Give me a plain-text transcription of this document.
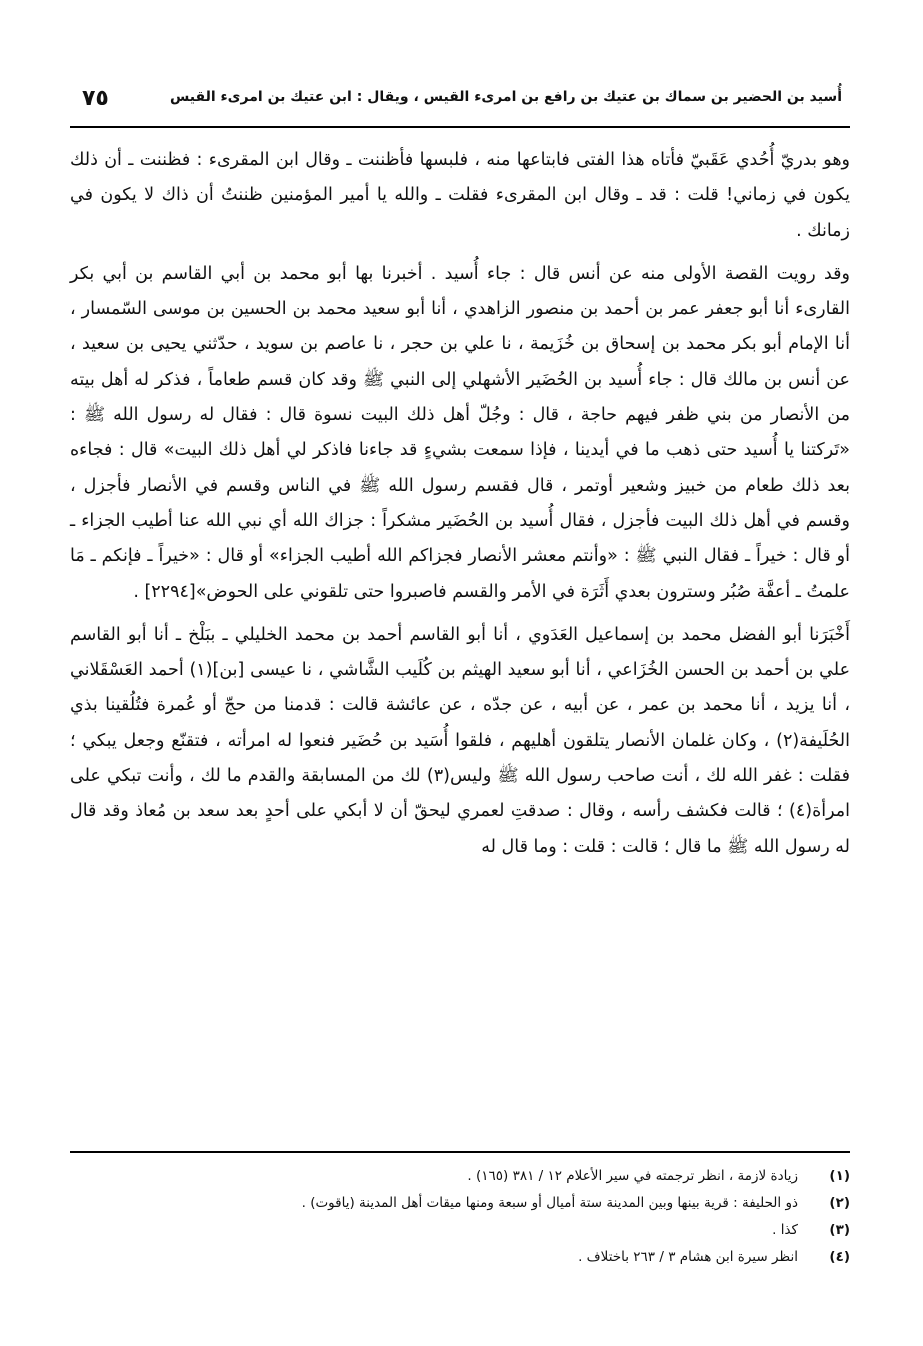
أُسيد بن الحضير بن سماك بن عتيك بن رافع بن امرىء القيس ، ويقال : ابن عتيك بن امرىء القيس
٧٥

وهو بدريّ أُحُدي عَقَبيّ فأتاه هذا الفتى فابتاعها منه ، فلبسها فأظننت ـ وقال ابن المقرىء : فظننت ـ أن ذلك يكون في زماني! قلت : قد ـ وقال ابن المقرىء فقلت ـ والله يا أمير المؤمنين ظننتُ أن ذاك لا يكون في زمانك .

وقد رويت القصة الأولى منه عن أنس قال : جاء أُسيد . أخبرنا بها أبو محمد بن أبي القاسم بن أبي بكر القارىء أنا أبو جعفر عمر بن أحمد بن منصور الزاهدي ، أنا أبو سعيد محمد بن الحسين بن موسى السّمسار ، أنا الإمام أبو بكر محمد بن إسحاق بن خُزَيمة ، نا علي بن حجر ، نا عاصم بن سويد ، حدّثني يحيى بن سعيد ، عن أنس بن مالك قال : جاء أُسيد بن الحُضَير الأشهلي إلى النبي ﷺ وقد كان قسم طعاماً ، فذكر له أهل بيته من الأنصار من بني ظفر فيهم حاجة ، قال : وجُلّ أهل ذلك البيت نسوة قال : فقال له رسول الله ﷺ : «تَركتنا يا أُسيد حتى ذهب ما في أيدينا ، فإذا سمعت بشيءٍ قد جاءنا فاذكر لي أهل ذلك البيت» قال : فجاءه بعد ذلك طعام من خبيز وشعير أوتمر ، قال فقسم رسول الله ﷺ في الناس وقسم في الأنصار فأجزل ، وقسم في أهل ذلك البيت فأجزل ، فقال أُسيد بن الحُضَير مشكراً : جزاك الله أي نبي الله عنا أطيب الجزاء ـ أو قال : خيراً ـ فقال النبي ﷺ : «وأنتم معشر الأنصار فجزاكم الله أطيب الجزاء» أو قال : «خيراً ـ فإنكم ـ مَا علمتُ ـ أعفَّة صُبُر وسترون بعدي أَثَرَة في الأمر والقسم فاصبروا حتى تلقوني على الحوض»[٢٢٩٤] .

أَخْبَرَنا أبو الفضل محمد بن إسماعيل العَدَوي ، أنا أبو القاسم أحمد بن محمد الخليلي ـ ببَلْخ ـ أنا أبو القاسم علي بن أحمد بن الحسن الخُزَاعي ، أنا أبو سعيد الهيثم بن كُلَيب الشَّاشي ، نا عيسى [بن](١) أحمد العَسْقَلاني ، أنا يزيد ، أنا محمد بن عمر ، عن أبيه ، عن جدّه ، عن عائشة قالت : قدمنا من حجّ أو عُمرة فتُلُقينا بذي الحُلَيفة(٢) ، وكان غلمان الأنصار يتلقون أهليهم ، فلقوا أُسَيد بن حُضَير فنعوا له امرأته ، فتقنّع وجعل يبكي ؛ فقلت : غفر الله لك ، أنت صاحب رسول الله ﷺ وليس(٣) لك من المسابقة والقدم ما لك ، وأنت تبكي على امرأة(٤) ؛ قالت فكشف رأسه ، وقال : صدقتِ لعمري ليحقّ أن لا أبكي على أحدٍ بعد سعد بن مُعاذ وقد قال له رسول الله ﷺ ما قال ؛ قالت : قلت : وما قال له

(١)
زيادة لازمة ، انظر ترجمته في سير الأعلام ١٢ / ٣٨١ (١٦٥) .
(٢)
ذو الحليفة : قرية بينها وبين المدينة ستة أميال أو سبعة ومنها ميقات أهل المدينة (ياقوت) .
(٣)
كذا .
(٤)
انظر سيرة ابن هشام ٣ / ٢٦٣ باختلاف .
